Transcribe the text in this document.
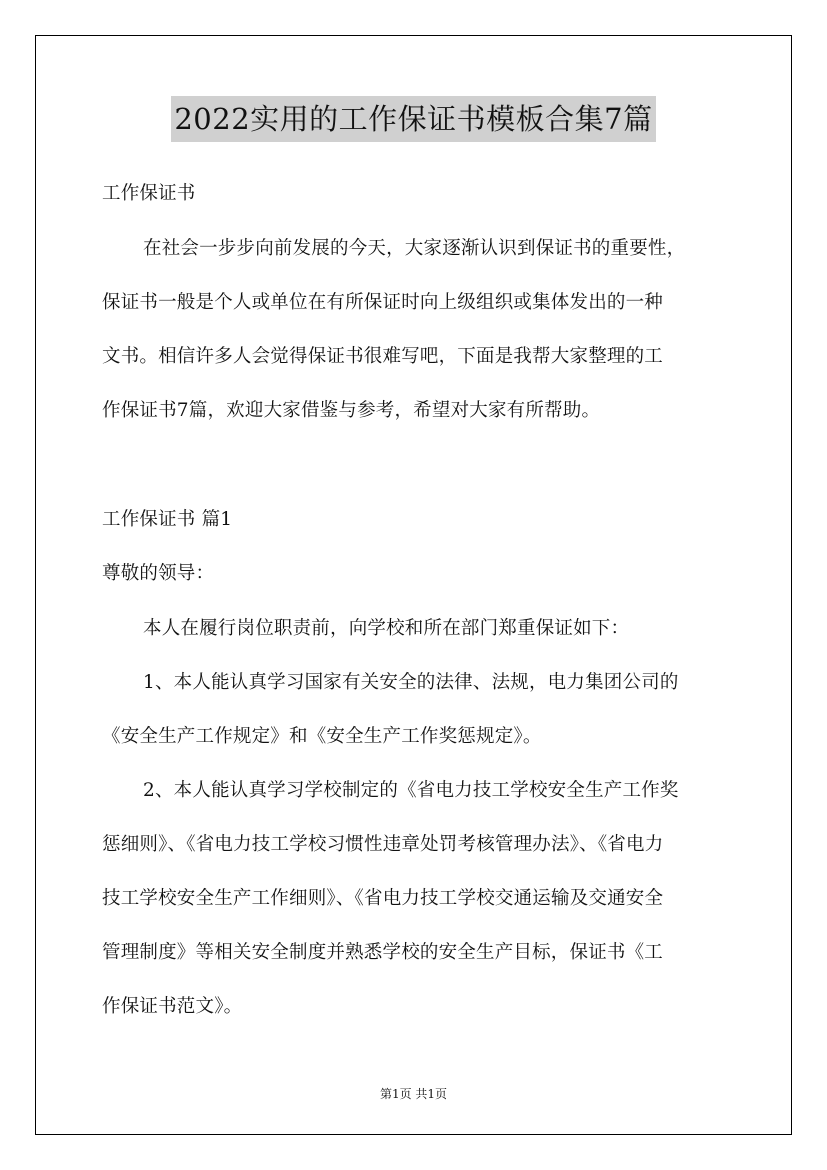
2022实用的工作保证书模板合集7篇
工作保证书
在社会一步步向前发展的今天，大家逐渐认识到保证书的重要性，
保证书一般是个人或单位在有所保证时向上级组织或集体发出的一种
文书。相信许多人会觉得保证书很难写吧，下面是我帮大家整理的工
作保证书7篇，欢迎大家借鉴与参考，希望对大家有所帮助。
工作保证书 篇1
尊敬的领导：
本人在履行岗位职责前，向学校和所在部门郑重保证如下：
1、本人能认真学习国家有关安全的法律、法规，电力集团公司的
《安全生产工作规定》和《安全生产工作奖惩规定》。
2、本人能认真学习学校制定的《省电力技工学校安全生产工作奖
惩细则》、《省电力技工学校习惯性违章处罚考核管理办法》、《省电力
技工学校安全生产工作细则》、《省电力技工学校交通运输及交通安全
管理制度》等相关安全制度并熟悉学校的安全生产目标，保证书《工
作保证书范文》。
第1页 共1页
